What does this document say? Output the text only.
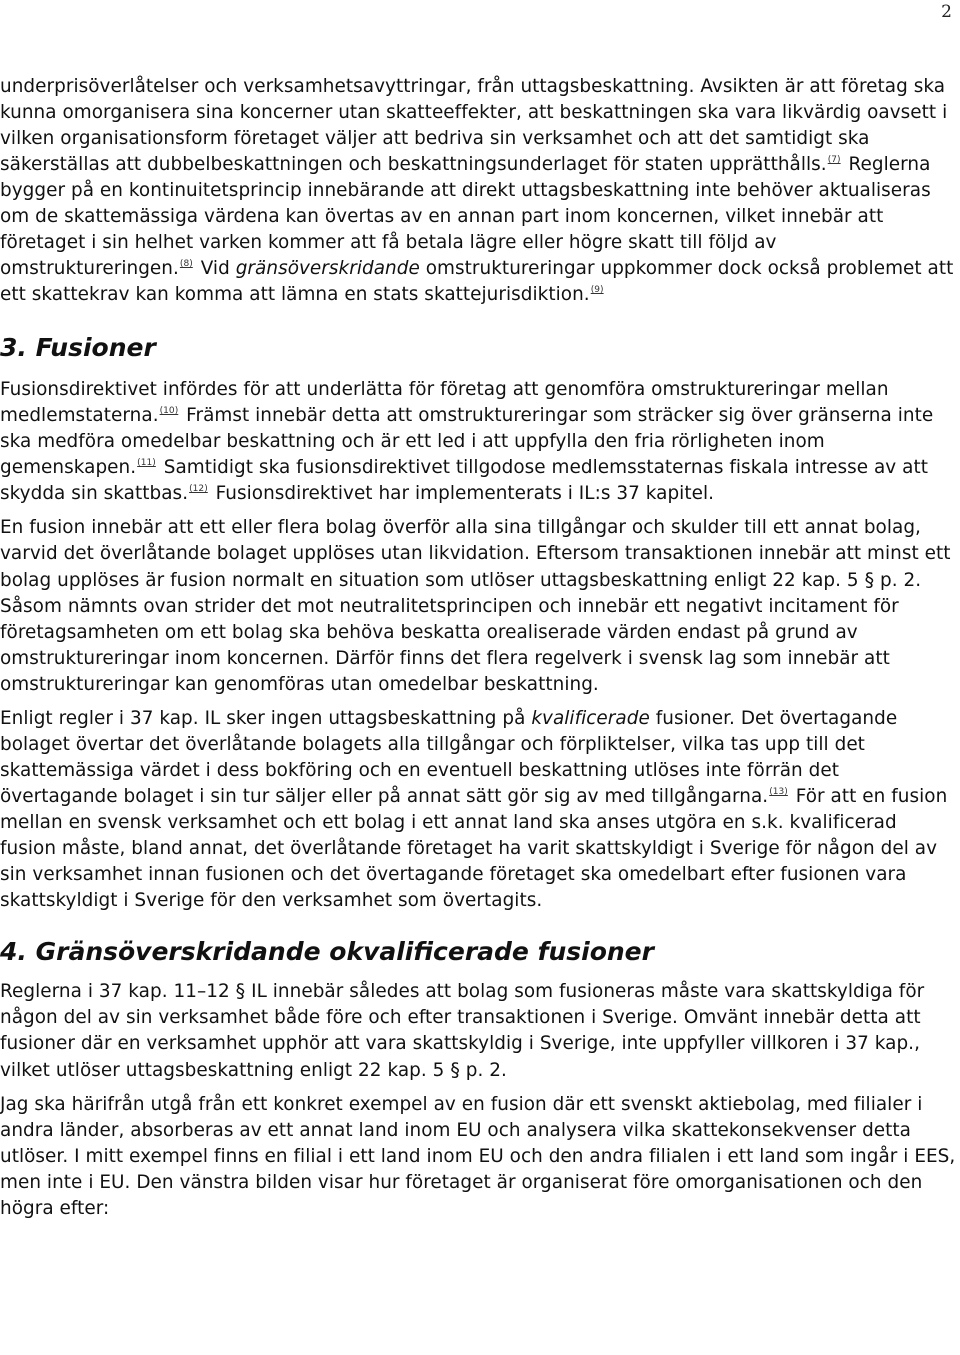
2

underprisöverlåtelser och verksamhetsavyttringar, från uttagsbeskattning. Avsikten är att företag ska kunna omorganisera sina koncerner utan skatteeffekter, att beskattningen ska vara likvärdig oavsett i vilken organisationsform företaget väljer att bedriva sin verksamhet och att det samtidigt ska säkerställas att dubbelbeskattningen och beskattningsunderlaget för staten upprätthålls.$^{(7)}$ Reglerna bygger på en kontinuitetsprincip innebärande att direkt uttagsbeskattning inte behöver aktualiseras om de skattemässiga värdena kan övertas av en annan part inom koncernen, vilket innebär att företaget i sin helhet varken kommer att få betala lägre eller högre skatt till följd av omstruktureringen.$^{(8)}$ Vid gränsöverskridande omstruktureringar uppkommer dock också problemet att ett skattekrav kan komma att lämna en stats skattejurisdiktion.$^{(9)}$

3. Fusioner

Fusionsdirektivet infördes för att underlätta för företag att genomföra omstruktureringar mellan medlemstaterna.$^{(10)}$ Främst innebär detta att omstruktureringar som sträcker sig över gränserna inte ska medföra omedelbar beskattning och är ett led i att uppfylla den fria rörligheten inom gemenskapen.$^{(11)}$ Samtidigt ska fusionsdirektivet tillgodose medlemsstaternas fiskala intresse av att skydda sin skattbas.$^{(12)}$ Fusionsdirektivet har implementerats i IL:s 37 kapitel.

En fusion innebär att ett eller flera bolag överför alla sina tillgångar och skulder till ett annat bolag, varvid det överlåtande bolaget upplöses utan likvidation. Eftersom transaktionen innebär att minst ett bolag upplöses är fusion normalt en situation som utlöser uttagsbeskattning enligt 22 kap. 5 § p. 2. Såsom nämnts ovan strider det mot neutralitetsprincipen och innebär ett negativt incitament för företagsamheten om ett bolag ska behöva beskatta orealiserade värden endast på grund av omstruktureringar inom koncernen. Därför finns det flera regelverk i svensk lag som innebär att omstruktureringar kan genomföras utan omedelbar beskattning.

Enligt regler i 37 kap. IL sker ingen uttagsbeskattning på kvalificerade fusioner. Det övertagande bolaget övertar det överlåtande bolagets alla tillgångar och förpliktelser, vilka tas upp till det skattemässiga värdet i dess bokföring och en eventuell beskattning utlöses inte förrän det övertagande bolaget i sin tur säljer eller på annat sätt gör sig av med tillgångarna.$^{(13)}$ För att en fusion mellan en svensk verksamhet och ett bolag i ett annat land ska anses utgöra en s.k. kvalificerad fusion måste, bland annat, det överlåtande företaget ha varit skattskyldigt i Sverige för någon del av sin verksamhet innan fusionen och det övertagande företaget ska omedelbart efter fusionen vara skattskyldigt i Sverige för den verksamhet som övertagits.

4. Gränsöverskridande okvalificerade fusioner

Reglerna i 37 kap. 11–12 § IL innebär således att bolag som fusioneras måste vara skattskyldiga för någon del av sin verksamhet både före och efter transaktionen i Sverige. Omvänt innebär detta att fusioner där en verksamhet upphör att vara skattskyldig i Sverige, inte uppfyller villkoren i 37 kap., vilket utlöser uttagsbeskattning enligt 22 kap. 5 § p. 2.

Jag ska härifrån utgå från ett konkret exempel av en fusion där ett svenskt aktiebolag, med filialer i andra länder, absorberas av ett annat land inom EU och analysera vilka skattekonsekvenser detta utlöser. I mitt exempel finns en filial i ett land inom EU och den andra filialen i ett land som ingår i EES, men inte i EU. Den vänstra bilden visar hur företaget är organiserat före omorganisationen och den högra efter:
